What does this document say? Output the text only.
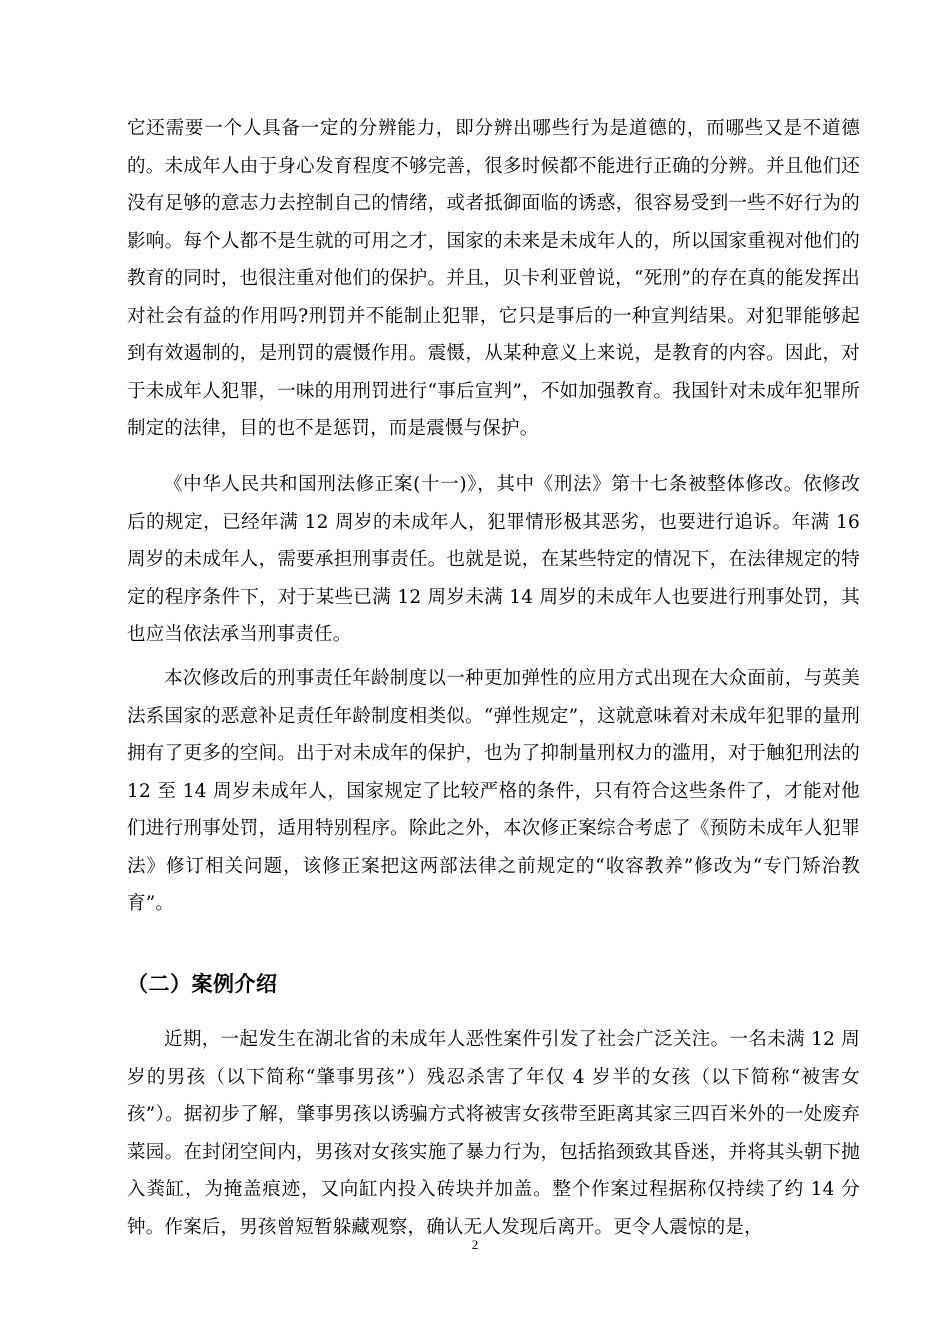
它还需要一个人具备一定的分辨能力，即分辨出哪些行为是道德的，而哪些又是不道德的。未成年人由于身心发育程度不够完善，很多时候都不能进行正确的分辨。并且他们还没有足够的意志力去控制自己的情绪，或者抵御面临的诱惑，很容易受到一些不好行为的影响。每个人都不是生就的可用之才，国家的未来是未成年人的，所以国家重视对他们的教育的同时，也很注重对他们的保护。并且，贝卡利亚曾说，“死刑”的存在真的能发挥出对社会有益的作用吗?刑罚并不能制止犯罪，它只是事后的一种宣判结果。对犯罪能够起到有效遏制的，是刑罚的震慑作用。震慑，从某种意义上来说，是教育的内容。因此，对于未成年人犯罪，一味的用刑罚进行“事后宣判”，不如加强教育。我国针对未成年犯罪所制定的法律，目的也不是惩罚，而是震慑与保护。

《中华人民共和国刑法修正案(十一)》，其中《刑法》第十七条被整体修改。依修改后的规定，已经年满 12 周岁的未成年人，犯罪情形极其恶劣，也要进行追诉。年满 16 周岁的未成年人，需要承担刑事责任。也就是说，在某些特定的情况下，在法律规定的特定的程序条件下，对于某些已满 12 周岁未满 14 周岁的未成年人也要进行刑事处罚，其也应当依法承当刑事责任。

本次修改后的刑事责任年龄制度以一种更加弹性的应用方式出现在大众面前，与英美法系国家的恶意补足责任年龄制度相类似。“弹性规定”，这就意味着对未成年犯罪的量刑拥有了更多的空间。出于对未成年的保护，也为了抑制量刑权力的滥用，对于触犯刑法的 12 至 14 周岁未成年人，国家规定了比较严格的条件，只有符合这些条件了，才能对他们进行刑事处罚，适用特别程序。除此之外，本次修正案综合考虑了《预防未成年人犯罪法》修订相关问题，该修正案把这两部法律之前规定的“收容教养”修改为“专门矫治教育”。

（二）案例介绍

近期，一起发生在湖北省的未成年人恶性案件引发了社会广泛关注。一名未满 12 周岁的男孩（以下简称“肇事男孩”）残忍杀害了年仅 4 岁半的女孩（以下简称“被害女孩”）。据初步了解，肇事男孩以诱骗方式将被害女孩带至距离其家三四百米外的一处废弃菜园。在封闭空间内，男孩对女孩实施了暴力行为，包括掐颈致其昏迷，并将其头朝下抛入粪缸，为掩盖痕迹，又向缸内投入砖块并加盖。整个作案过程据称仅持续了约 14 分钟。作案后，男孩曾短暂躲藏观察，确认无人发现后离开。更令人震惊的是，

2
